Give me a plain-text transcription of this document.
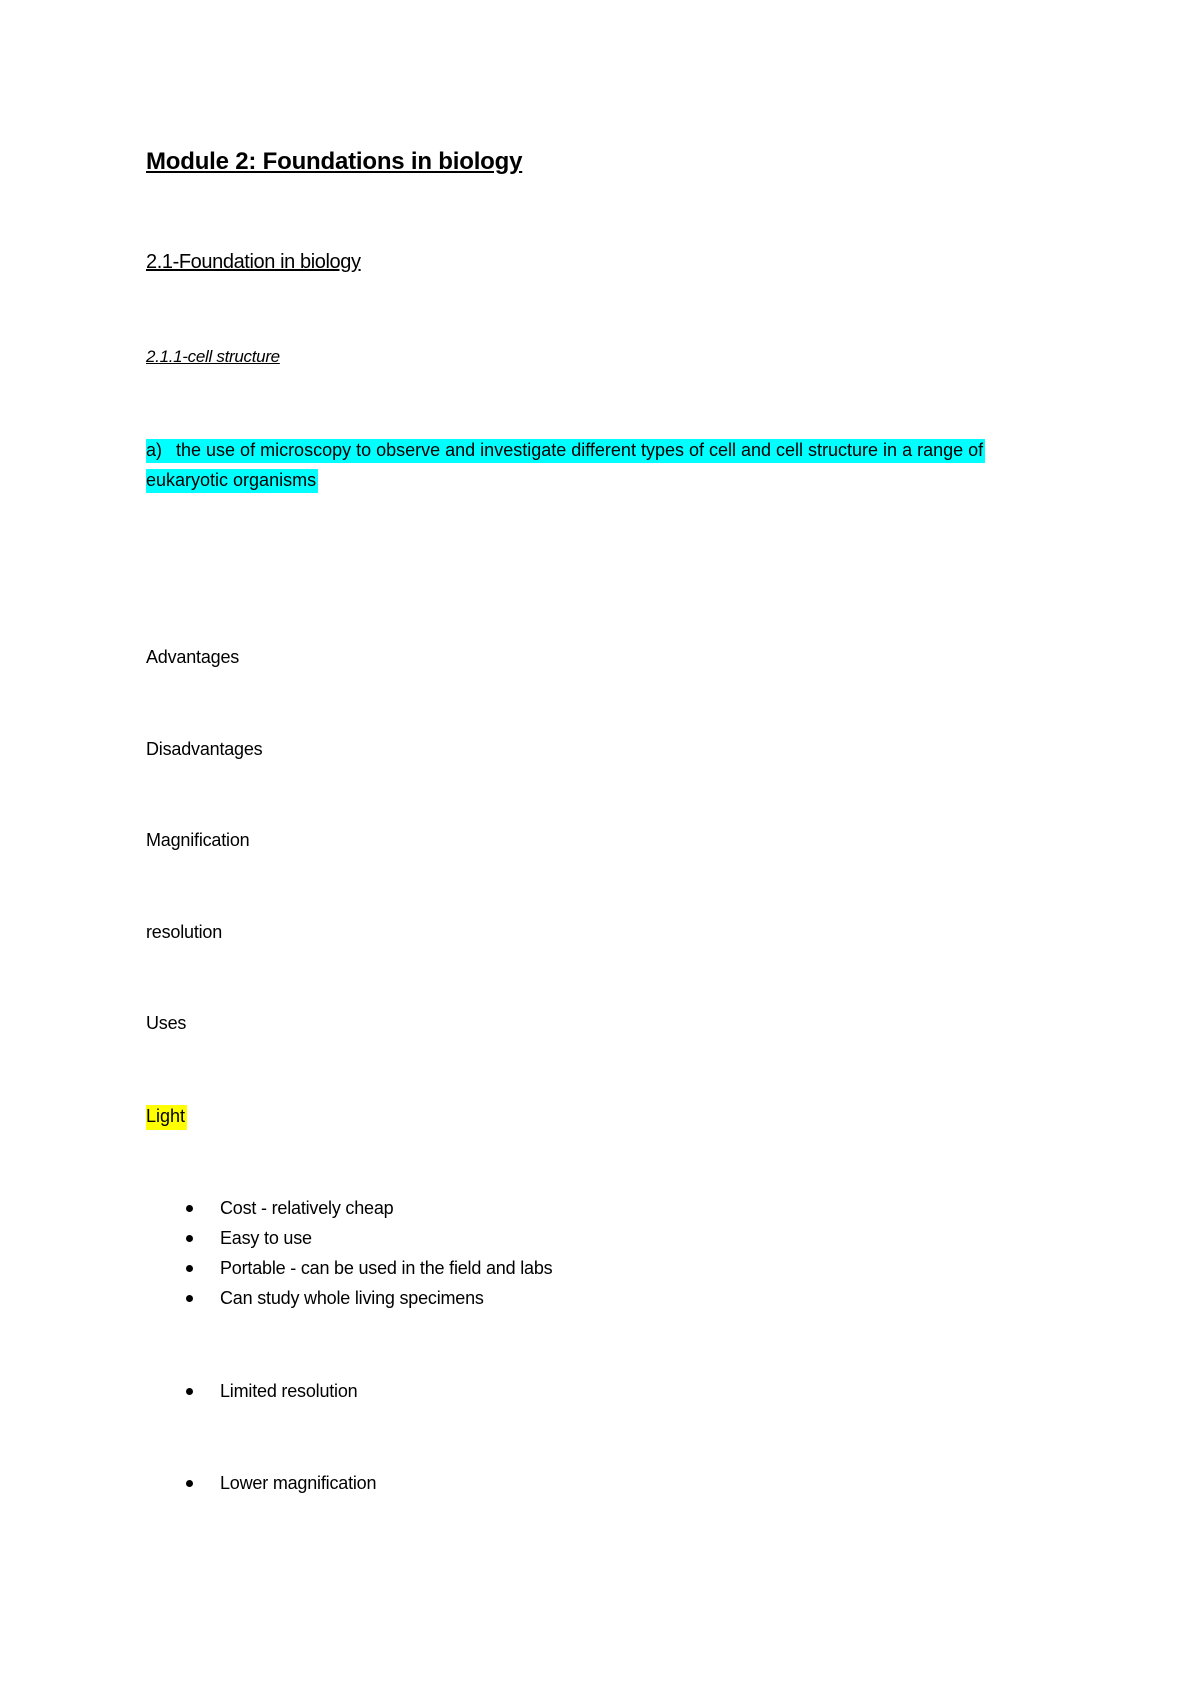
Module 2: Foundations in biology
2.1-Foundation in biology
2.1.1-cell structure
a) the use of microscopy to observe and investigate different types of cell and cell structure in a range of eukaryotic organisms
Advantages
Disadvantages
Magnification
resolution
Uses
Light
Cost - relatively cheap
Easy to use
Portable - can be used in the field and labs
Can study whole living specimens
Limited resolution
Lower magnification
